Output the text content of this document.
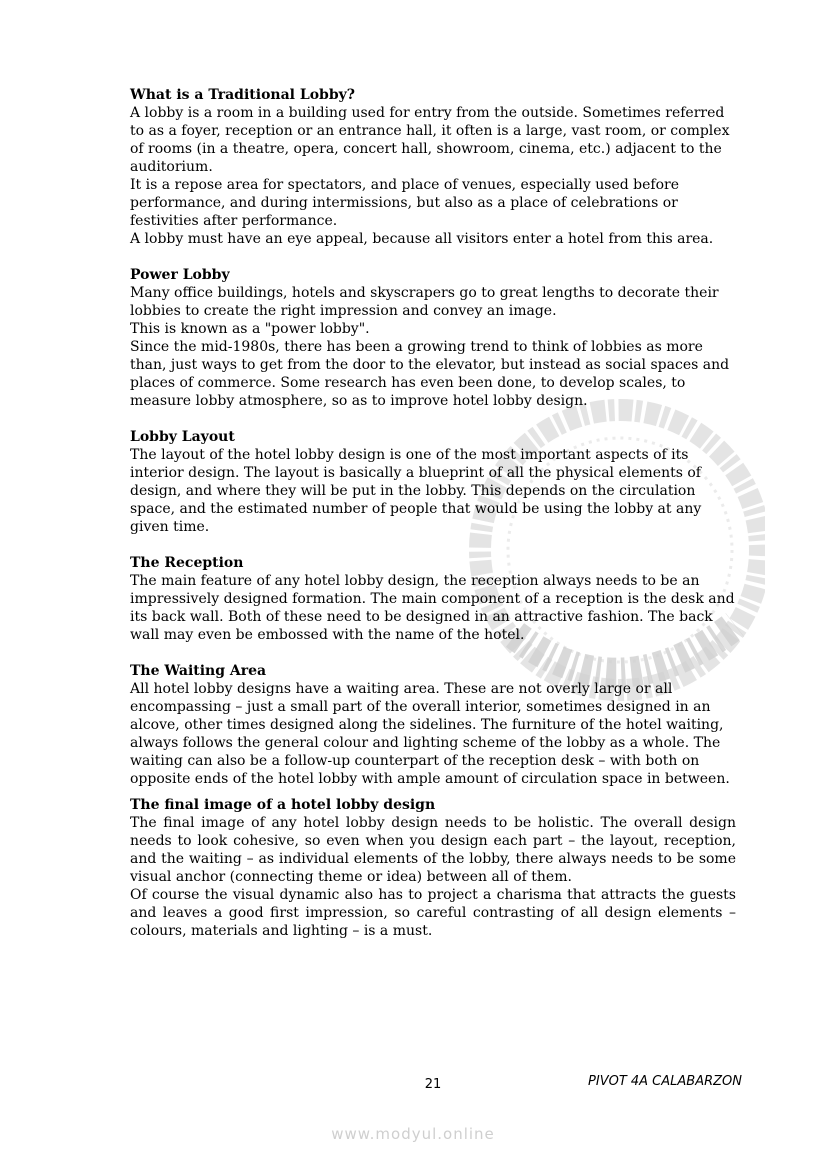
What is a Traditional Lobby?

A lobby is a room in a building used for entry from the outside. Sometimes referred to as a foyer, reception or an entrance hall, it often is a large, vast room, or complex of rooms (in a theatre, opera, concert hall, showroom, cinema, etc.) adjacent to the auditorium.

It is a repose area for spectators, and place of venues, especially used before performance, and during intermissions, but also as a place of celebrations or festivities after performance.

A lobby must have an eye appeal, because all visitors enter a hotel from this area.

Power Lobby

Many office buildings, hotels and skyscrapers go to great lengths to decorate their lobbies to create the right impression and convey an image.

This is known as a "power lobby".

Since the mid-1980s, there has been a growing trend to think of lobbies as more than, just ways to get from the door to the elevator, but instead as social spaces and places of commerce. Some research has even been done, to develop scales, to measure lobby atmosphere, so as to improve hotel lobby design.

Lobby Layout

The layout of the hotel lobby design is one of the most important aspects of its interior design. The layout is basically a blueprint of all the physical elements of design, and where they will be put in the lobby. This depends on the circulation space, and the estimated number of people that would be using the lobby at any given time.

The Reception

The main feature of any hotel lobby design, the reception always needs to be an impressively designed formation. The main component of a reception is the desk and its back wall. Both of these need to be designed in an attractive fashion. The back wall may even be embossed with the name of the hotel.

The Waiting Area

All hotel lobby designs have a waiting area. These are not overly large or all encompassing – just a small part of the overall interior, sometimes designed in an alcove, other times designed along the sidelines. The furniture of the hotel waiting, always follows the general colour and lighting scheme of the lobby as a whole. The waiting can also be a follow-up counterpart of the reception desk – with both on opposite ends of the hotel lobby with ample amount of circulation space in between.

The final image of a hotel lobby design

The final image of any hotel lobby design needs to be holistic. The overall design needs to look cohesive, so even when you design each part – the layout, reception, and the waiting – as individual elements of the lobby, there always needs to be some visual anchor (connecting theme or idea) between all of them.

Of course the visual dynamic also has to project a charisma that attracts the guests and leaves a good first impression, so careful contrasting of all design elements – colours, materials and lighting – is a must.

21	PIVOT 4A CALABARZON
www.modyul.online
